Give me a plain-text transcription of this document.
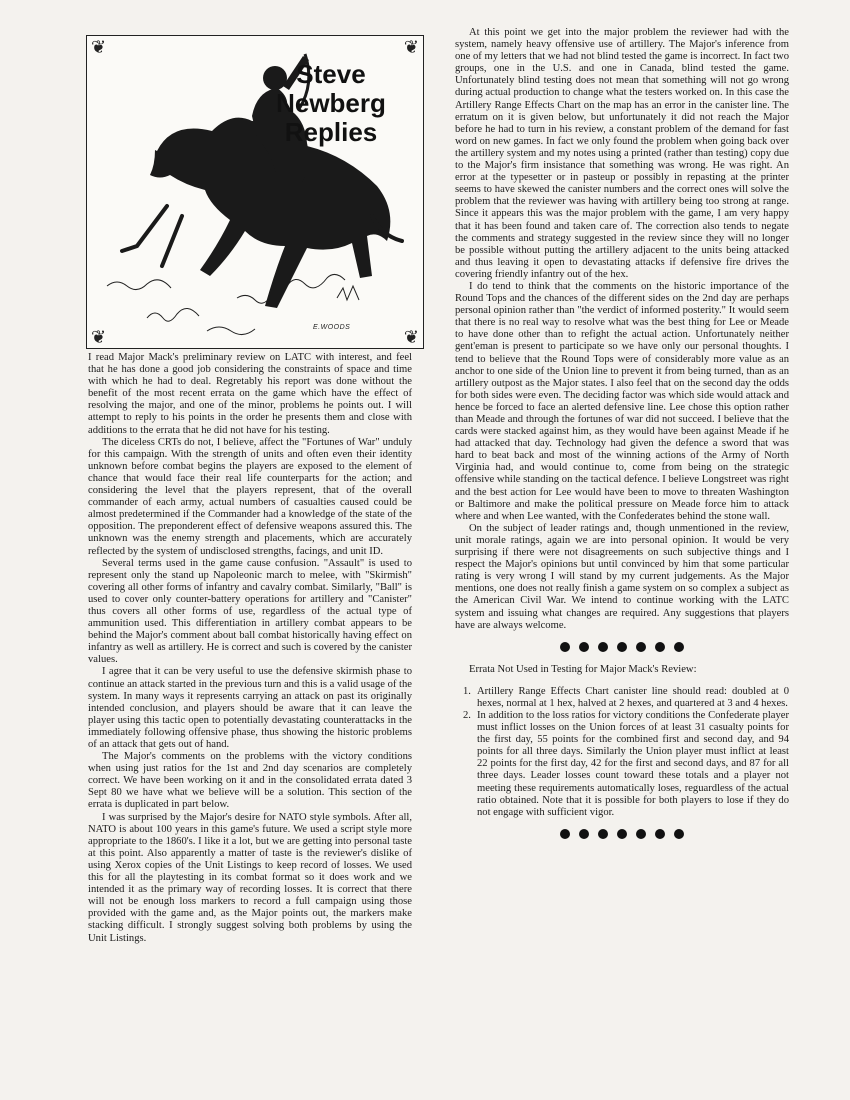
Steve Newberg Replies
E.WOODS
❦	❦
❦	❦

I read Major Mack's preliminary review on LATC with interest, and feel that he has done a good job considering the constraints of space and time with which he had to deal. Regretably his report was done without the benefit of the most recent errata on the game which have the effect of resolving the major, and one of the minor, problems he points out. I will attempt to reply to his points in the order he presents them and close with additions to the errata that he did not have for his testing.

The diceless CRTs do not, I believe, affect the "Fortunes of War" unduly for this campaign. With the strength of units and often even their identity unknown before combat begins the players are exposed to the element of chance that would face their real life counterparts for the action; and considering the level that the players represent, that of the overall commander of each army, actual numbers of casualties caused could be almost predetermined if the Commander had a knowledge of the state of the opposition. The preponderent effect of defensive weapons assured this. The unknown was the enemy strength and placements, which are accurately reflected by the system of undisclosed strengths, facings, and unit ID.

Several terms used in the game cause confusion. "Assault" is used to represent only the stand up Napoleonic march to melee, with "Skirmish" covering all other forms of infantry and cavalry combat. Similarly, "Ball" is used to cover only counter-battery operations for artillery and "Canister" thus covers all other forms of use, regardless of the actual type of ammunition used. This differentiation in artillery combat appears to be behind the Major's comment about ball combat historically having effect on infantry as well as artillery. He is correct and such is covered by the canister values.

I agree that it can be very useful to use the defensive skirmish phase to continue an attack started in the previous turn and this is a valid usage of the system. In many ways it represents carrying an attack on past its originally intended conclusion, and players should be aware that it can leave the player using this tactic open to potentially devastating counterattacks in the immediately following offensive phase, thus showing the historic problems of an attack that gets out of hand.

The Major's comments on the problems with the victory conditions when using just ratios for the 1st and 2nd day scenarios are completely correct. We have been working on it and in the consolidated errata dated 3 Sept 80 we have what we believe will be a solution. This section of the errata is duplicated in part below.

I was surprised by the Major's desire for NATO style symbols. After all, NATO is about 100 years in this game's future. We used a script style more appropriate to the 1860's. I like it a lot, but we are getting into personal taste at this point. Also apparently a matter of taste is the reviewer's dislike of using Xerox copies of the Unit Listings to keep record of losses. We used this for all the playtesting in its combat format so it does work and we intended it as the primary way of recording losses. It is correct that there will not be enough loss markers to record a full campaign using those provided with the game and, as the Major points out, the markers make stacking difficult. I strongly suggest solving both problems by using the Unit Listings.

At this point we get into the major problem the reviewer had with the system, namely heavy offensive use of artillery. The Major's inference from one of my letters that we had not blind tested the game is incorrect. In fact two groups, one in the U.S. and one in Canada, blind tested the game. Unfortunately blind testing does not mean that something will not go wrong during actual production to change what the testers worked on. In this case the Artillery Range Effects Chart on the map has an error in the canister line. The erratum on it is given below, but unfortunately it did not reach the Major before he had to turn in his review, a constant problem of the demand for fast word on new games. In fact we only found the problem when going back over the artillery system and my notes using a printed (rather than testing) copy due to the Major's firm insistance that something was wrong. He was right. An error at the typesetter or in pasteup or possibly in repasting at the printer seems to have skewed the canister numbers and the correct ones will solve the problem that the reviewer was having with artillery being too strong at range. Since it appears this was the major problem with the game, I am very happy that it has been found and taken care of. The correction also tends to negate the comments and strategy suggested in the review since they will no longer be possible without putting the artillery adjacent to the units being attacked and thus leaving it open to devastating attacks if defensive fire drives the covering friendly infantry out of the hex.

I do tend to think that the comments on the historic importance of the Round Tops and the chances of the different sides on the 2nd day are perhaps personal opinion rather than "the verdict of informed posterity." It would seem that there is no real way to resolve what was the best thing for Lee or Meade to have done other than to refight the actual action. Unfortunately neither gent'eman is present to participate so we have only our personal thoughts. I tend to believe that the Round Tops were of considerably more value as an anchor to one side of the Union line to prevent it from being turned, than as an artillery outpost as the Major states. I also feel that on the second day the odds for both sides were even. The deciding factor was which side would attack and hence be forced to face an alerted defensive line. Lee chose this option rather than Meade and through the fortunes of war did not succeed. I believe that the cards were stacked against him, as they would have been against Meade if he had attacked that day. Technology had given the defence a sword that was hard to beat back and most of the winning actions of the Army of North Virginia had, and would continue to, come from being on the strategic offensive while standing on the tactical defence. I believe Longstreet was right and the best action for Lee would have been to move to threaten Washington or Baltimore and make the political pressure on Meade force him to attack where and when Lee wanted, with the Confederates behind the stone wall.

On the subject of leader ratings and, though unmentioned in the review, unit morale ratings, again we are into personal opinion. It would be very surprising if there were not disagreements on such subjective things and I respect the Major's opinions but until convinced by him that some particular rating is very wrong I will stand by my current judgements. As the Major mentions, one does not really finish a game system on so complex a subject as the American Civil War. We intend to continue working with the LATC system and issuing what changes are required. Any suggestions that players have are always welcome.

Errata Not Used in Testing for Major Mack's Review:

1. Artillery Range Effects Chart canister line should read: doubled at 0 hexes, normal at 1 hex, halved at 2 hexes, and quartered at 3 and 4 hexes.
2. In addition to the loss ratios for victory conditions the Confederate player must inflict losses on the Union forces of at least 31 casualty points for the first day, 55 points for the combined first and second day, and 94 points for all three days. Similarly the Union player must inflict at least 22 points for the first day, 42 for the first and second days, and 87 for all three days. Leader losses count toward these totals and a player not meeting these requirements automatically loses, reguardless of the actual ratio obtained. Note that it is possible for both players to lose if they do not engage with sufficient vigor.
